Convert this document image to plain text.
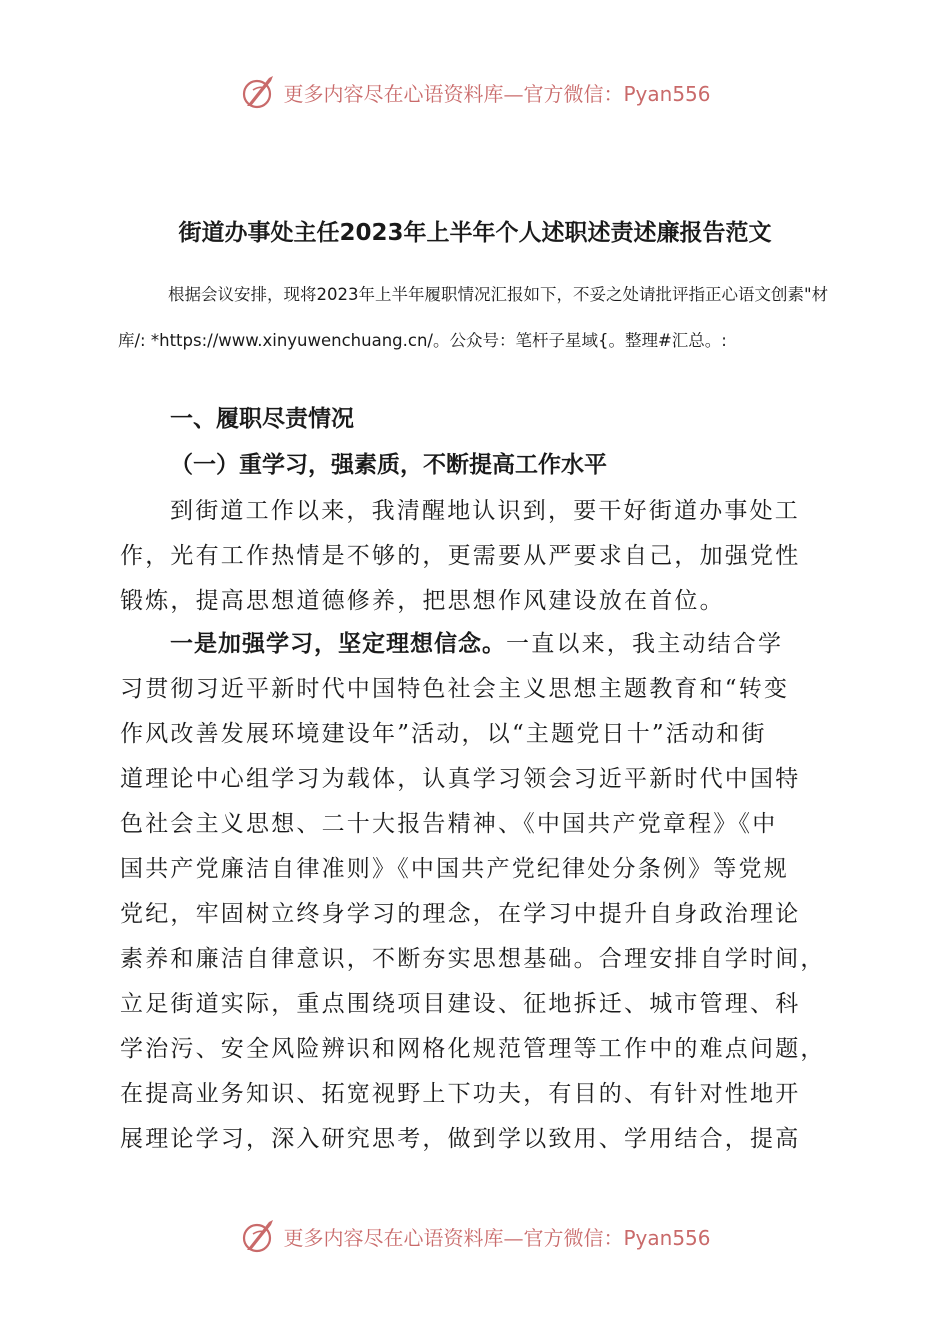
更多内容尽在心语资料库—官方微信：Pyan556
街道办事处主任2023年上半年个人述职述责述廉报告范文
根据会议安排，现将2023年上半年履职情况汇报如下，不妥之处请批评指正心语文创素"材库/: *https://www.xinyuwenchuang.cn/。公众号：笔杆子星域{。整理#汇总。:
一、履职尽责情况
（一）重学习，强素质，不断提高工作水平
到街道工作以来，我清醒地认识到，要干好街道办事处工
作，光有工作热情是不够的，更需要从严要求自己，加强党性
锻炼，提高思想道德修养，把思想作风建设放在首位。
一是加强学习，坚定理想信念。一直以来，我主动结合学
习贯彻习近平新时代中国特色社会主义思想主题教育和“转变
作风改善发展环境建设年”活动，以“主题党日十”活动和街
道理论中心组学习为载体，认真学习领会习近平新时代中国特
色社会主义思想、二十大报告精神、《中国共产党章程》《中
国共产党廉洁自律准则》《中国共产党纪律处分条例》等党规
党纪，牢固树立终身学习的理念，在学习中提升自身政治理论
素养和廉洁自律意识，不断夯实思想基础。合理安排自学时间，
立足街道实际，重点围绕项目建设、征地拆迁、城市管理、科
学治污、安全风险辨识和网格化规范管理等工作中的难点问题，
在提高业务知识、拓宽视野上下功夫，有目的、有针对性地开
展理论学习，深入研究思考，做到学以致用、学用结合，提高
更多内容尽在心语资料库—官方微信：Pyan556
